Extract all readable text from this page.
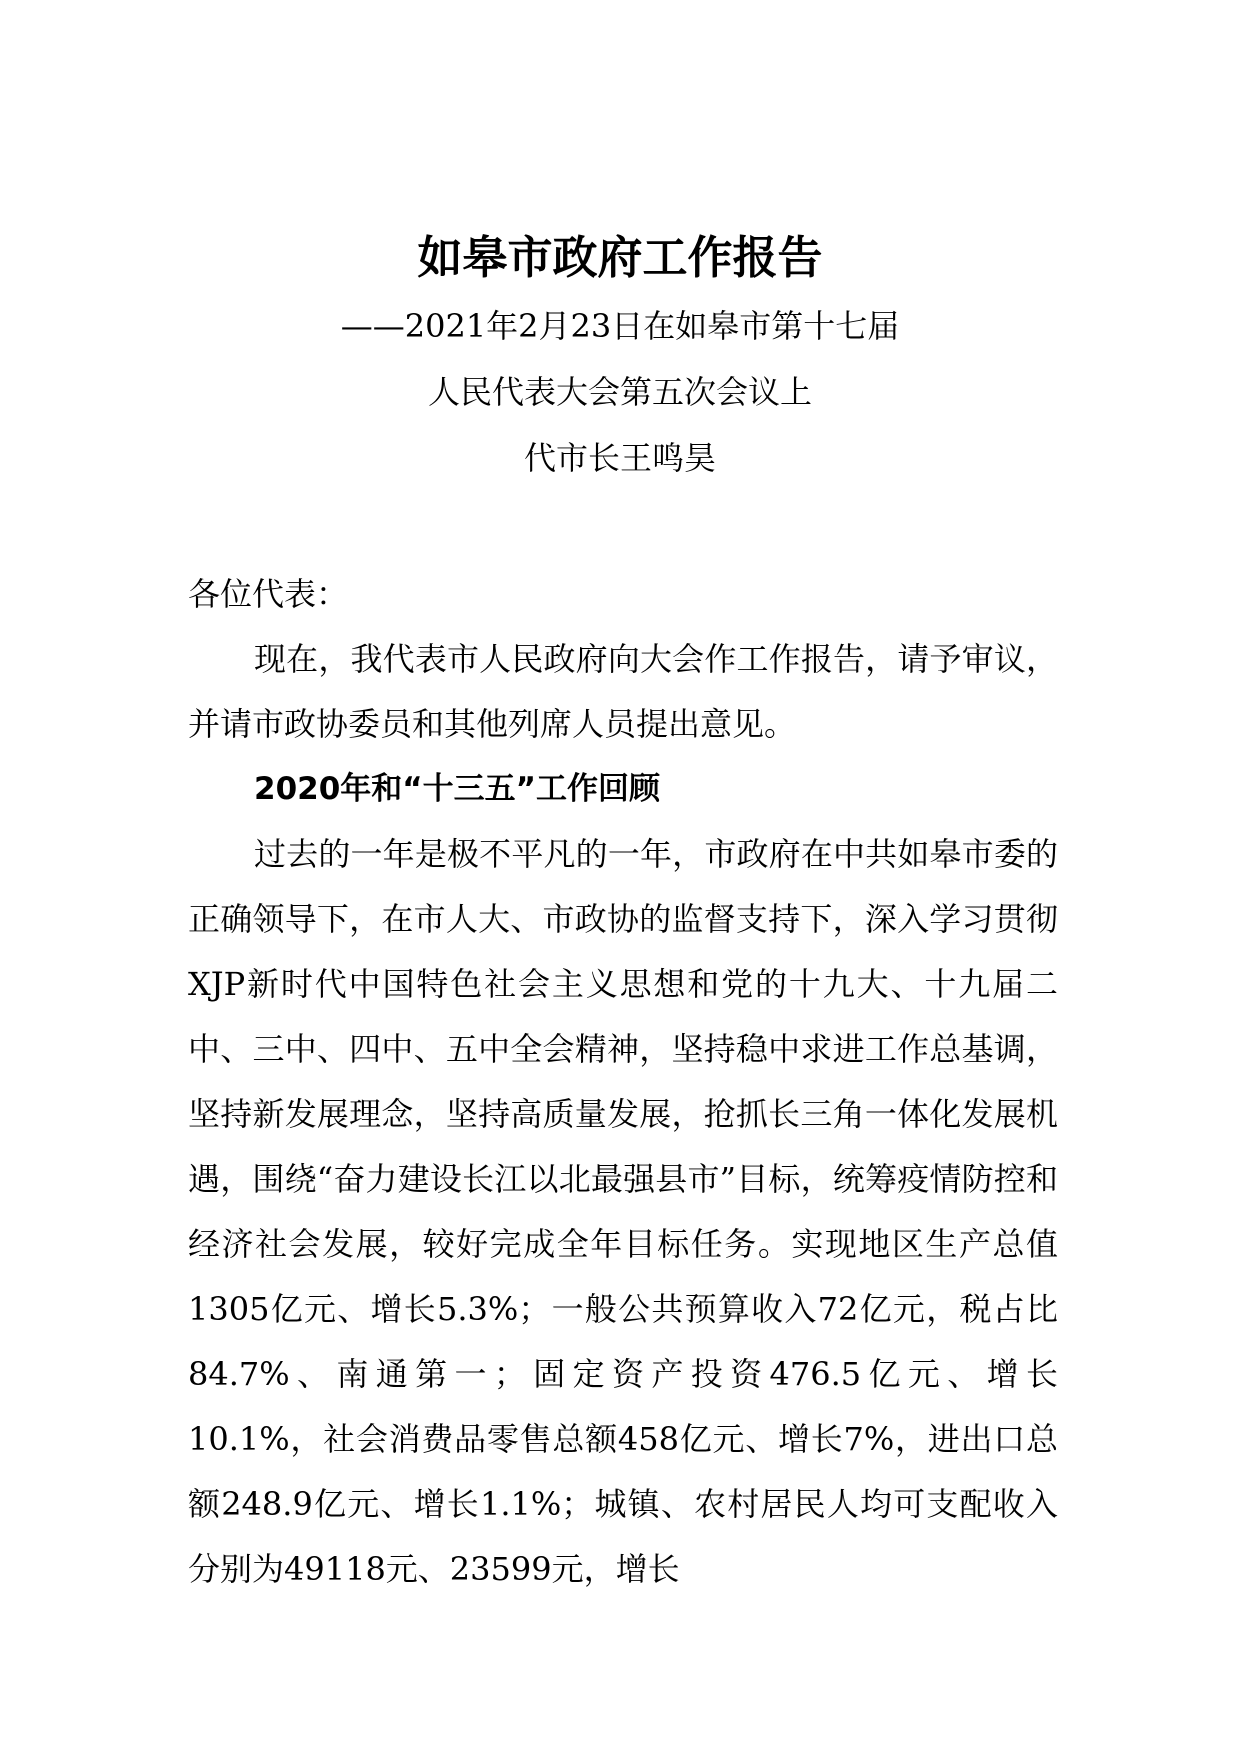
如皋市政府工作报告

——2021年2月23日在如皋市第十七届

人民代表大会第五次会议上

代市长王鸣昊

各位代表：

现在，我代表市人民政府向大会作工作报告，请予审议，并请市政协委员和其他列席人员提出意见。

2020年和“十三五”工作回顾

过去的一年是极不平凡的一年，市政府在中共如皋市委的正确领导下，在市人大、市政协的监督支持下，深入学习贯彻XJP新时代中国特色社会主义思想和党的十九大、十九届二中、三中、四中、五中全会精神，坚持稳中求进工作总基调，坚持新发展理念，坚持高质量发展，抢抓长三角一体化发展机遇，围绕“奋力建设长江以北最强县市”目标，统筹疫情防控和经济社会发展，较好完成全年目标任务。实现地区生产总值1305亿元、增长5.3%；一般公共预算收入72亿元，税占比84.7%、南通第一；固定资产投资476.5亿元、增长10.1%，社会消费品零售总额458亿元、增长7%，进出口总额248.9亿元、增长1.1%；城镇、农村居民人均可支配收入分别为49118元、23599元，增长
